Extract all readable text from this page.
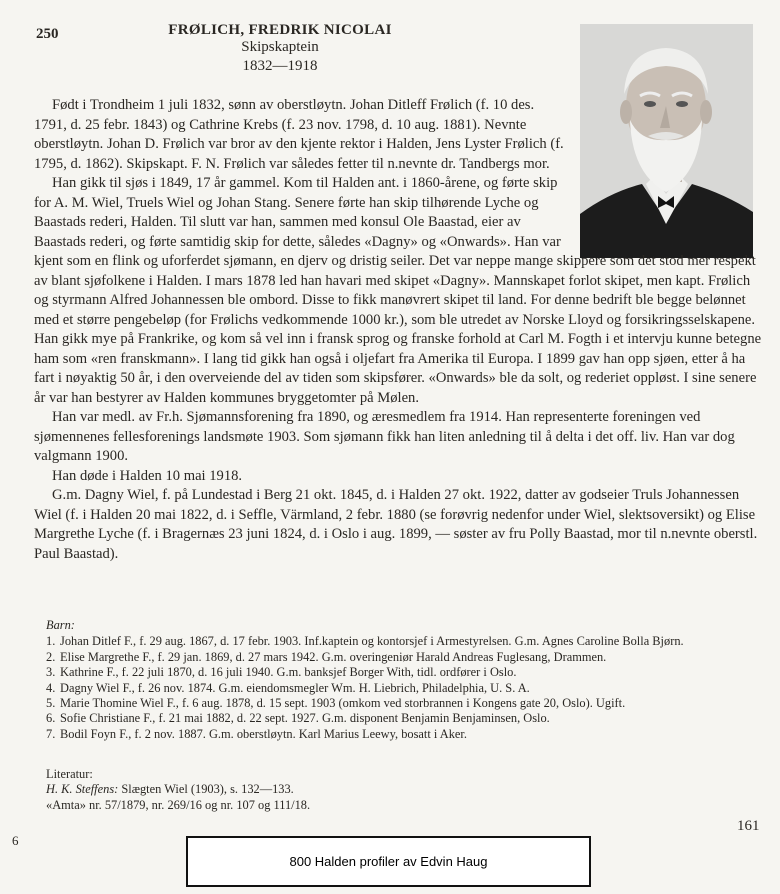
250	FRØLICH, FREDRIK NICOLAI
Skipskaptein
1832—1918

Født i Trondheim 1 juli 1832, sønn av oberstløytn. Johan Ditleff Frølich (f. 10 des. 1791, d. 25 febr. 1843) og Cathrine Krebs (f. 23 nov. 1798, d. 10 aug. 1881). Nevnte oberstløytn. Johan D. Frølich var bror av den kjente rektor i Halden, Jens Lyster Frølich (f. 1795, d. 1862). Skipskapt. F. N. Frølich var således fetter til n.nevnte dr. Tandbergs mor.

Han gikk til sjøs i 1849, 17 år gammel. Kom til Halden ant. i 1860-årene, og førte skip for A. M. Wiel, Truels Wiel og Johan Stang. Senere førte han skip tilhørende Lyche og Baastads rederi, Halden. Til slutt var han, sammen med konsul Ole Baastad, eier av Baastads rederi, og førte samtidig skip for dette, således «Dagny» og «Onwards». Han var

kjent som en flink og uforferdet sjømann, en djerv og dristig seiler. Det var neppe mange skippere som det stod mer respekt av blant sjøfolkene i Halden. I mars 1878 led han havari med skipet «Dagny». Mannskapet forlot skipet, men kapt. Frølich og styrmann Alfred Johannessen ble ombord. Disse to fikk manøvrert skipet til land. For denne bedrift ble begge belønnet med et større pengebeløp (for Frølichs vedkommende 1000 kr.), som ble utredet av Norske Lloyd og forsikringsselskapene. Han gikk mye på Frankrike, og kom så vel inn i fransk sprog og franske forhold at Carl M. Fogth i et intervju kunne betegne ham som «ren franskmann». I lang tid gikk han også i oljefart fra Amerika til Europa. I 1899 gav han opp sjøen, etter å ha fart i nøyaktig 50 år, i den overveiende del av tiden som skipsfører. «Onwards» ble da solt, og rederiet oppløst. I sine senere år var han bestyrer av Halden kommunes bryggetomter på Mølen.

Han var medl. av Fr.h. Sjømannsforening fra 1890, og æresmedlem fra 1914. Han representerte foreningen ved sjømennenes fellesforenings landsmøte 1903. Som sjømann fikk han liten anledning til å delta i det off. liv. Han var dog valgmann 1900.

Han døde i Halden 10 mai 1918.

G.m. Dagny Wiel, f. på Lundestad i Berg 21 okt. 1845, d. i Halden 27 okt. 1922, datter av godseier Truls Johannessen Wiel (f. i Halden 20 mai 1822, d. i Seffle, Värmland, 2 febr. 1880 (se forøvrig nedenfor under Wiel, slektsoversikt) og Elise Margrethe Lyche (f. i Bragernæs 23 juni 1824, d. i Oslo i aug. 1899, — søster av fru Polly Baastad, mor til n.nevnte oberstl. Paul Baastad).

Barn:
1. Johan Ditlef F., f. 29 aug. 1867, d. 17 febr. 1903. Inf.kaptein og kontorsjef i Armestyrelsen. G.m. Agnes Caroline Bolla Bjørn.
2. Elise Margrethe F., f. 29 jan. 1869, d. 27 mars 1942. G.m. overingeniør Harald Andreas Fuglesang, Drammen.
3. Kathrine F., f. 22 juli 1870, d. 16 juli 1940. G.m. banksjef Borger With, tidl. ordfører i Oslo.
4. Dagny Wiel F., f. 26 nov. 1874. G.m. eiendomsmegler Wm. H. Liebrich, Philadelphia, U. S. A.
5. Marie Thomine Wiel F., f. 6 aug. 1878, d. 15 sept. 1903 (omkom ved storbrannen i Kongens gate 20, Oslo). Ugift.
6. Sofie Christiane F., f. 21 mai 1882, d. 22 sept. 1927. G.m. disponent Benjamin Benjaminsen, Oslo.
7. Bodil Foyn F., f. 2 nov. 1887. G.m. oberstløytn. Karl Marius Leewy, bosatt i Aker.
Literatur:
H. K. Steffens: Slægten Wiel (1903), s. 132—133.
«Amta» nr. 57/1879, nr. 269/16 og nr. 107 og 111/18.
6
161
800 Halden profiler av Edvin Haug
